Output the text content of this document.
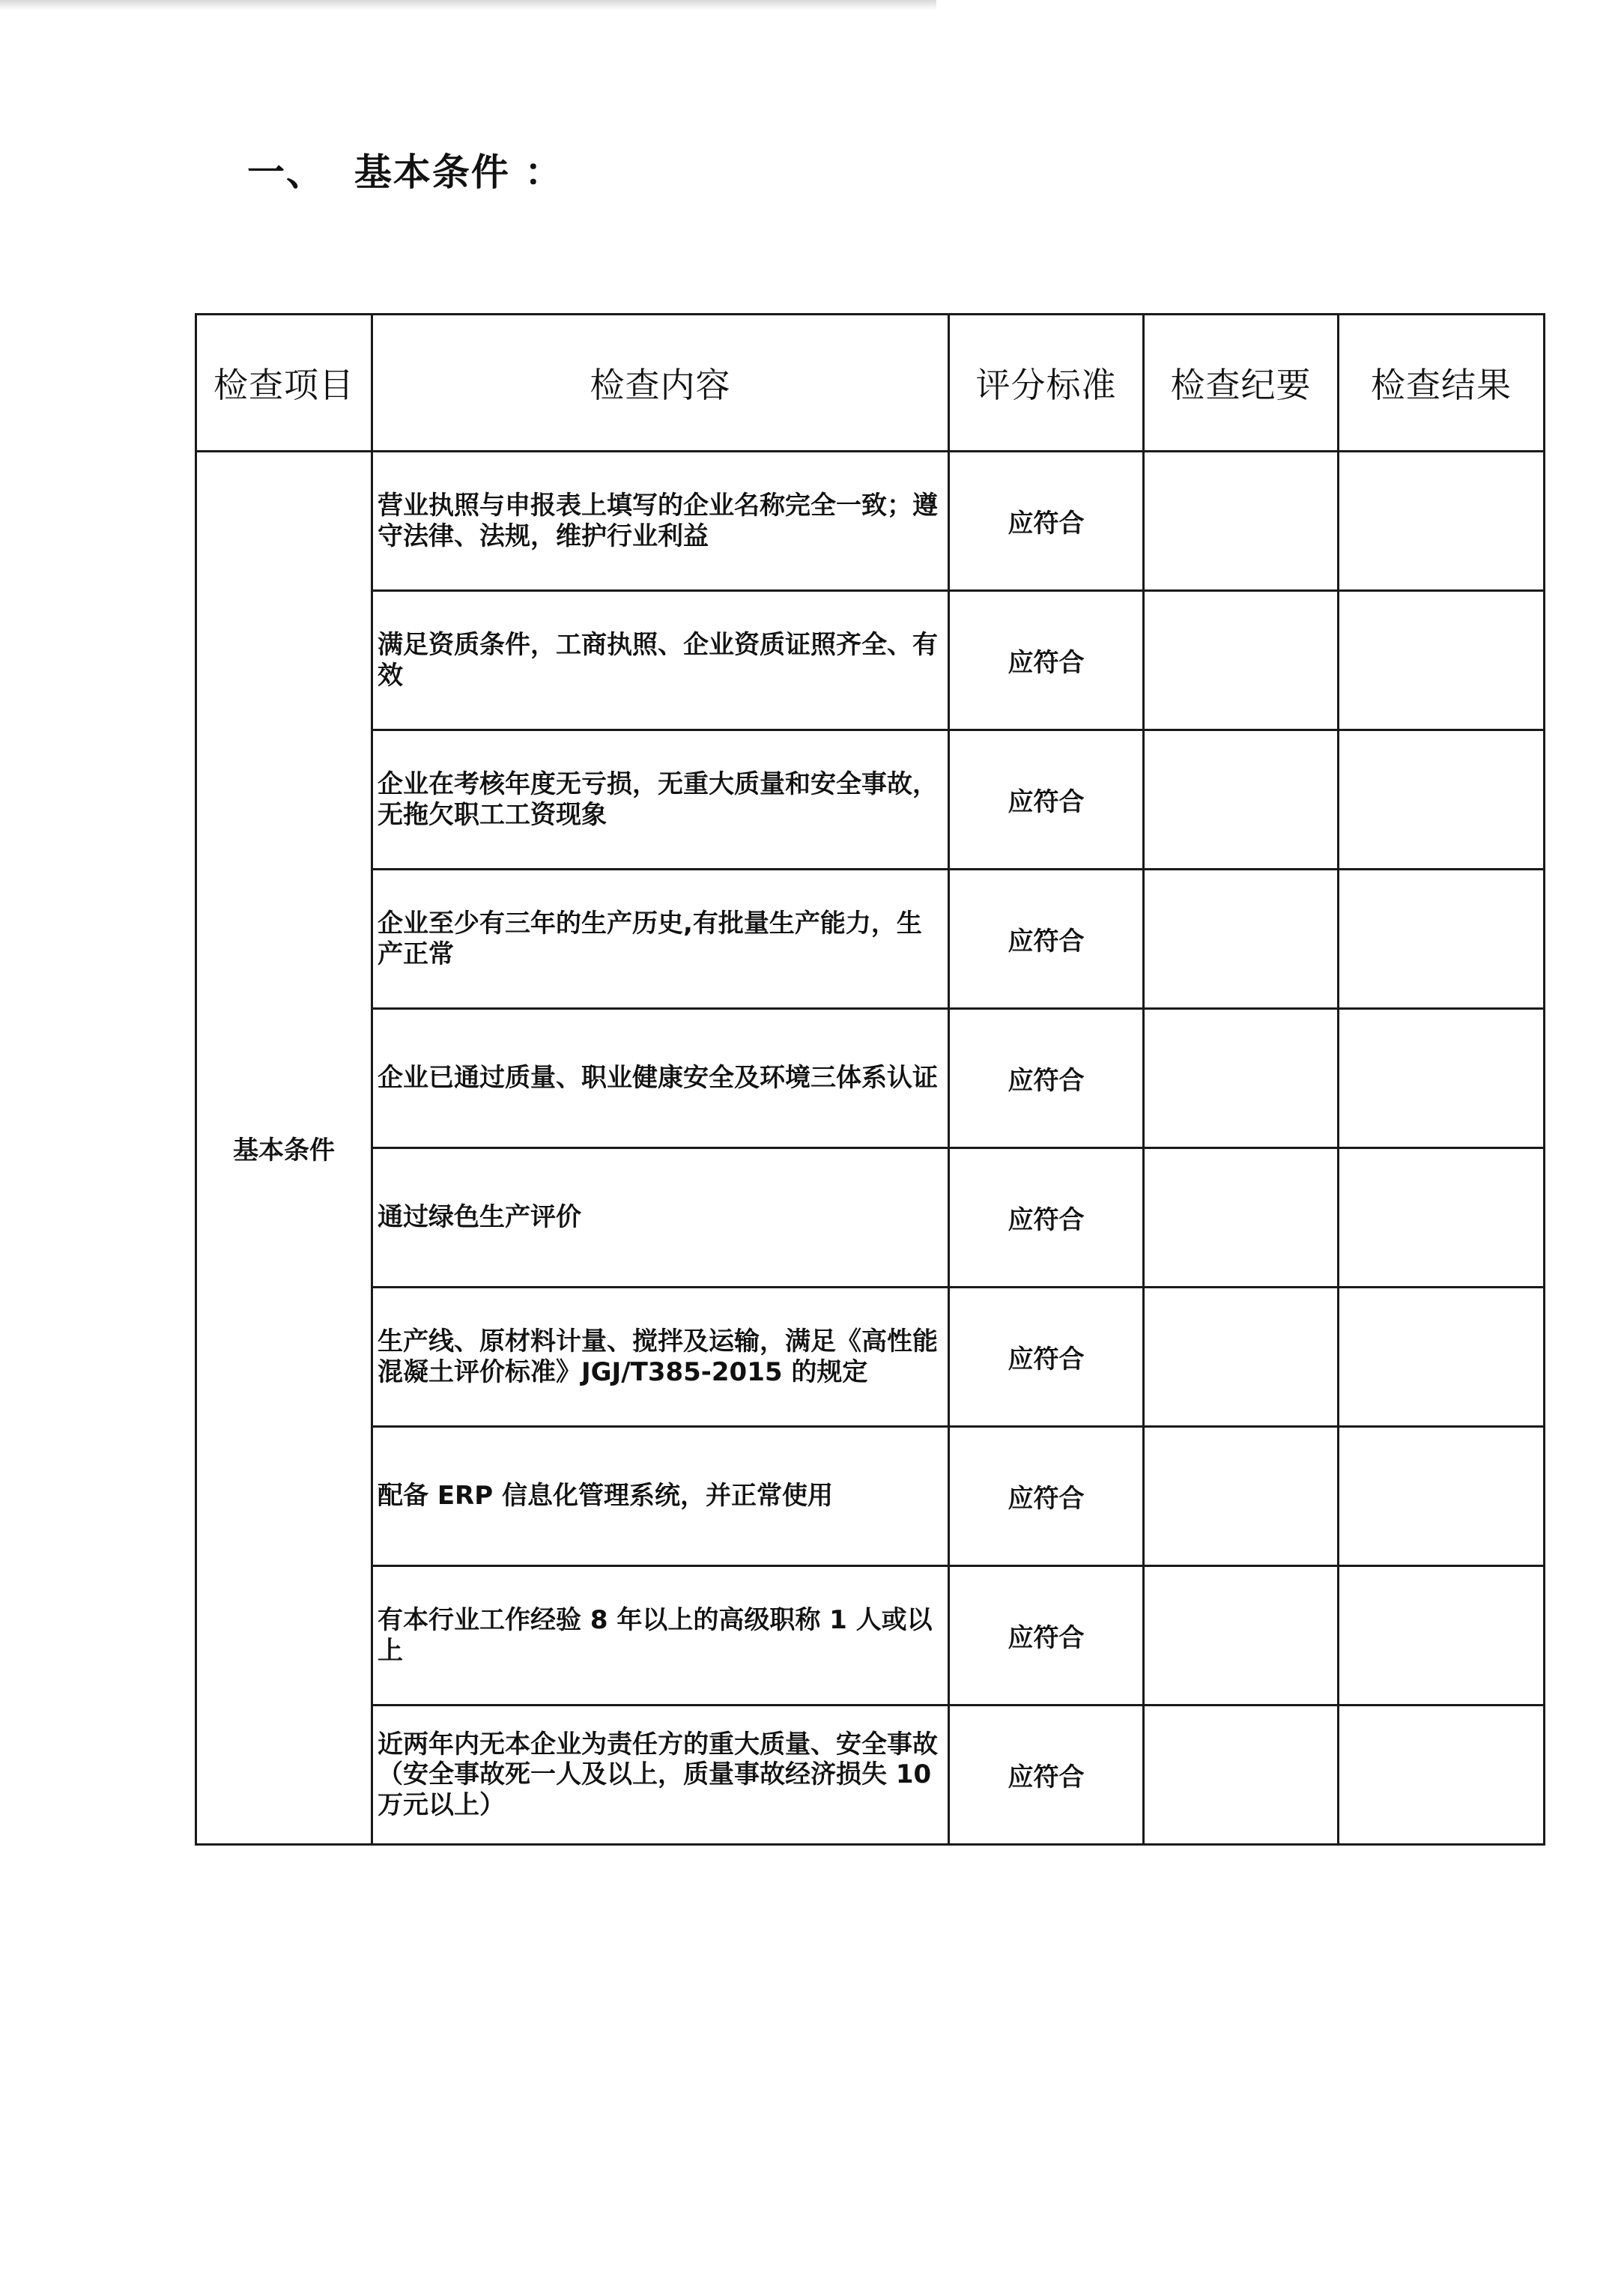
一、  基本条件 ：
检查项目	检查内容	评分标准	检查纪要	检查结果
基本条件	营业执照与申报表上填写的企业名称完全一致；遵守法律、法规，维护行业利益	应符合		
	满足资质条件，工商执照、企业资质证照齐全、有效	应符合		
	企业在考核年度无亏损，无重大质量和安全事故，无拖欠职工工资现象	应符合		
	企业至少有三年的生产历史,有批量生产能力，生产正常	应符合		
	企业已通过质量、职业健康安全及环境三体系认证	应符合		
	通过绿色生产评价	应符合		
	生产线、原材料计量、搅拌及运输，满足《高性能混凝土评价标准》JGJ/T385-2015 的规定	应符合		
	配备 ERP 信息化管理系统，并正常使用	应符合		
	有本行业工作经验 8 年以上的高级职称 1 人或以上	应符合		
	近两年内无本企业为责任方的重大质量、安全事故（安全事故死一人及以上，质量事故经济损失 10 万元以上）	应符合		
